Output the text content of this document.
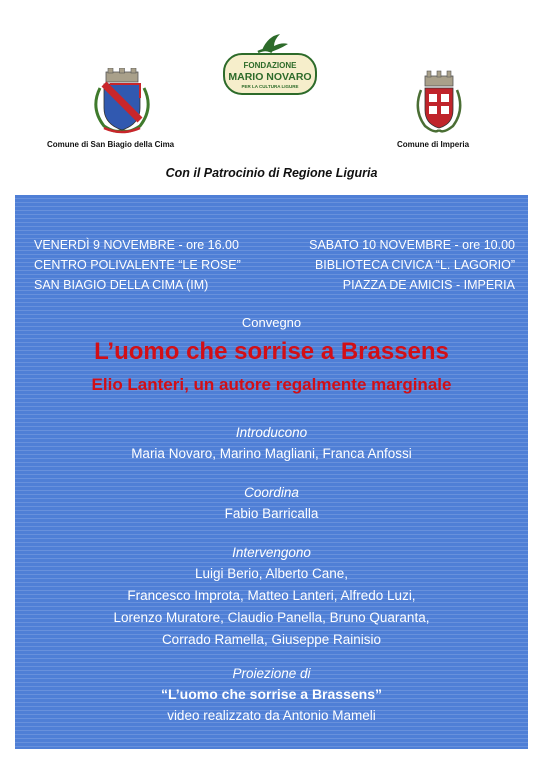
Comune di San Biagio della Cima
FONDAZIONE
MARIO NOVARO
PER LA CULTURA LIGURE
Comune di Imperia
Con il Patrocinio di Regione Liguria
VENERDÌ 9 NOVEMBRE - ore 16.00
CENTRO POLIVALENTE “LE ROSE”
SAN BIAGIO DELLA CIMA (IM)
SABATO 10 NOVEMBRE - ore 10.00
BIBLIOTECA CIVICA “L. LAGORIO”
PIAZZA DE AMICIS - IMPERIA
Convegno
L’uomo che sorrise a Brassens
Elio Lanteri, un autore regalmente marginale
Introducono
Maria Novaro, Marino Magliani, Franca Anfossi
Coordina
Fabio Barricalla
Intervengono
Luigi Berio, Alberto Cane,
Francesco Improta, Matteo Lanteri, Alfredo Luzi,
Lorenzo Muratore, Claudio Panella, Bruno Quaranta,
Corrado Ramella, Giuseppe Rainisio
Proiezione di
“L’uomo che sorrise a Brassens”
video realizzato da Antonio Mameli
